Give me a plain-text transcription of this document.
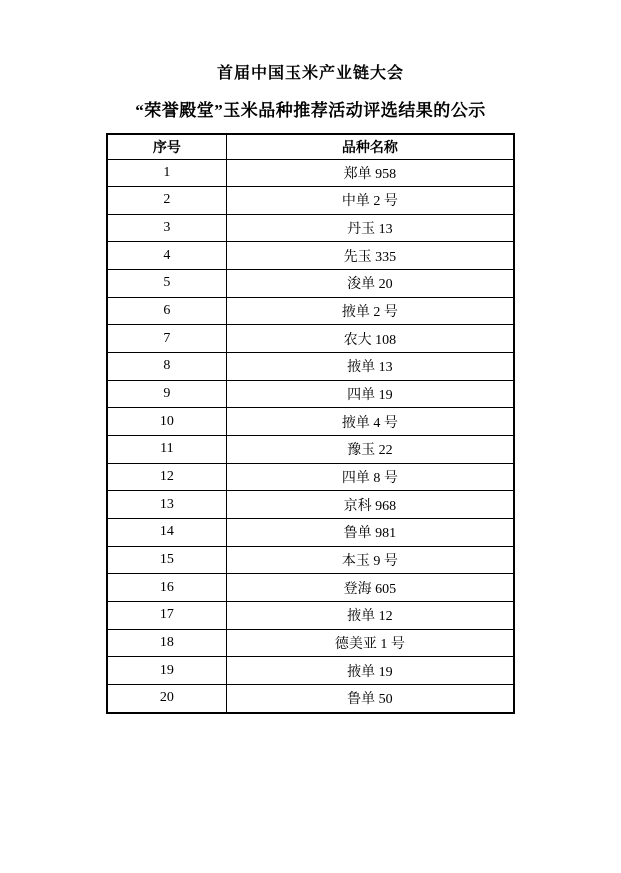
首届中国玉米产业链大会
“荣誉殿堂”玉米品种推荐活动评选结果的公示
序号	品种名称
1	郑单 958
2	中单 2 号
3	丹玉 13
4	先玉 335
5	浚单 20
6	掖单 2 号
7	农大 108
8	掖单 13
9	四单 19
10	掖单 4 号
11	豫玉 22
12	四单 8 号
13	京科 968
14	鲁单 981
15	本玉 9 号
16	登海 605
17	掖单 12
18	德美亚 1 号
19	掖单 19
20	鲁单 50
